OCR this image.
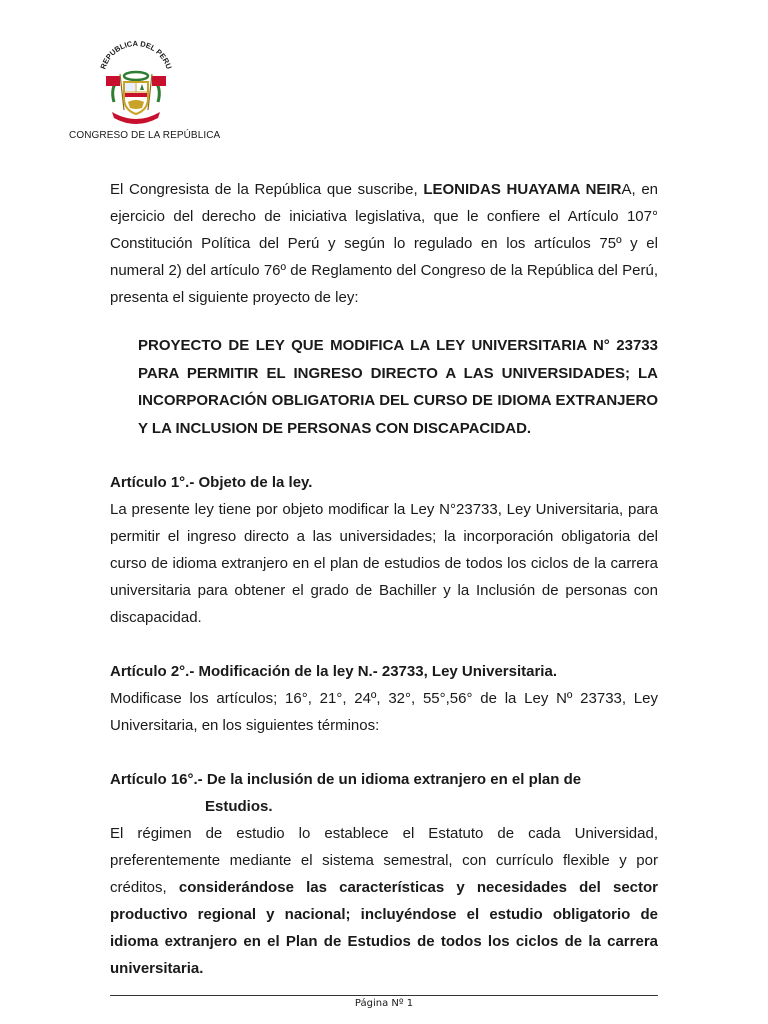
REPUBLICA DEL PERU
CONGRESO DE LA REPÚBLICA

El Congresista de la República que suscribe, LEONIDAS HUAYAMA NEIRA, en ejercicio del derecho de iniciativa legislativa, que le confiere el Artículo 107° Constitución Política del Perú y según lo regulado en los artículos 75º y el numeral 2) del artículo 76º de Reglamento del Congreso de la República del Perú, presenta el siguiente proyecto de ley:

PROYECTO DE LEY QUE MODIFICA LA LEY UNIVERSITARIA N° 23733 PARA PERMITIR EL INGRESO DIRECTO A LAS UNIVERSIDADES; LA INCORPORACIÓN OBLIGATORIA DEL CURSO DE IDIOMA EXTRANJERO Y LA INCLUSION DE PERSONAS CON DISCAPACIDAD.

Artículo 1°.- Objeto de la ley.

La presente ley tiene por objeto modificar la Ley N°23733, Ley Universitaria, para permitir el ingreso directo a las universidades; la incorporación obligatoria del curso de idioma extranjero en el plan de estudios de todos los ciclos de la carrera universitaria para obtener el grado de Bachiller y la Inclusión de personas con discapacidad.

Artículo 2°.- Modificación de la ley N.- 23733, Ley Universitaria.

Modificase los artículos; 16°, 21°, 24º, 32°, 55°,56° de la Ley Nº 23733, Ley Universitaria, en los siguientes términos:

Artículo 16°.- De la inclusión de un idioma extranjero en el plan de

Estudios.

El régimen de estudio lo establece el Estatuto de cada Universidad, preferentemente mediante el sistema semestral, con currículo flexible y por créditos, considerándose las características y necesidades del sector productivo regional y nacional; incluyéndose el estudio obligatorio de idioma extranjero en el Plan de Estudios de todos los ciclos de la carrera universitaria.

Página Nº 1
